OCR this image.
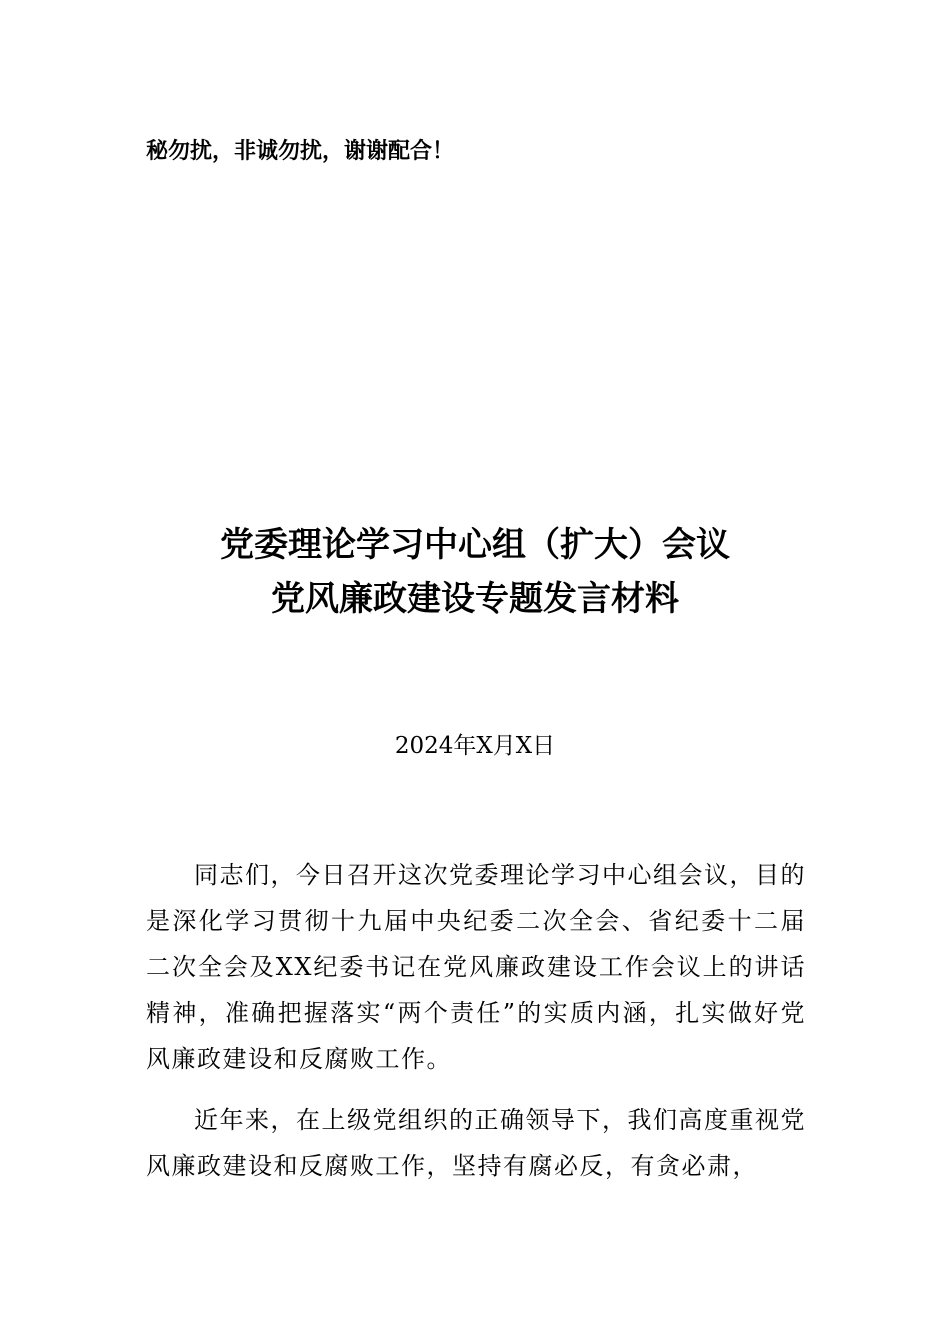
秘勿扰，非诚勿扰，谢谢配合！
党委理论学习中心组（扩大）会议
党风廉政建设专题发言材料
2024年X月X日

同志们，今日召开这次党委理论学习中心组会议，目的是深化学习贯彻十九届中央纪委二次全会、省纪委十二届二次全会及XX纪委书记在党风廉政建设工作会议上的讲话精神，准确把握落实“两个责任”的实质内涵，扎实做好党风廉政建设和反腐败工作。

近年来，在上级党组织的正确领导下，我们高度重视党风廉政建设和反腐败工作，坚持有腐必反，有贪必肃，
